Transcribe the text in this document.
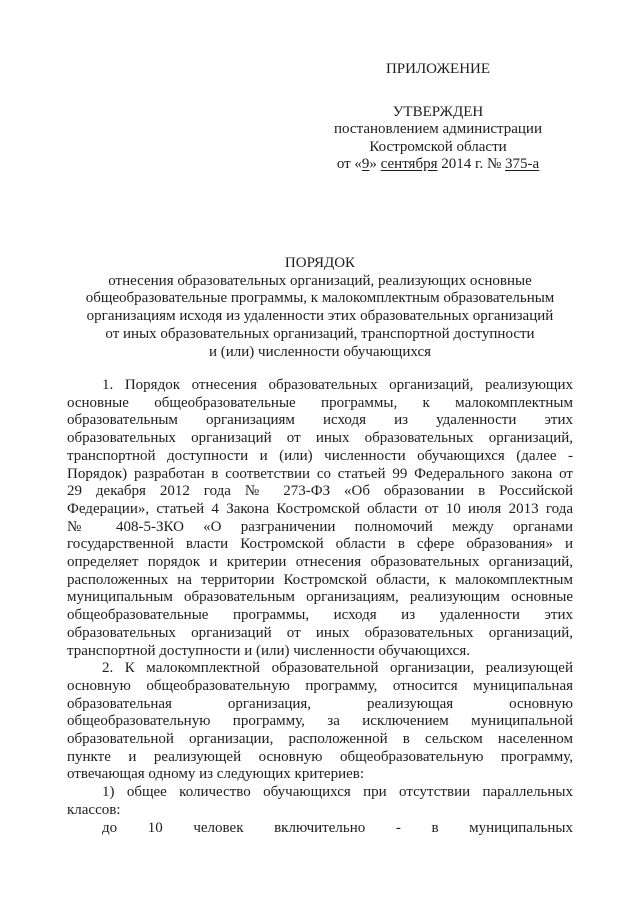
ПРИЛОЖЕНИЕ
УТВЕРЖДЕН
постановлением администрации
Костромской области
от «9» сентября 2014 г. № 375-а
ПОРЯДОК
отнесения образовательных организаций, реализующих основные
общеобразовательные программы, к малокомплектным образовательным
организациям исходя из удаленности этих образовательных организаций
от иных образовательных организаций, транспортной доступности
и (или) численности обучающихся
1. Порядок отнесения образовательных организаций, реализующих
основные общеобразовательные программы, к малокомплектным
образовательным организациям исходя из удаленности этих
образовательных организаций от иных образовательных организаций,
транспортной доступности и (или) численности обучающихся (далее -
Порядок) разработан в соответствии со статьей 99 Федерального закона от
29 декабря 2012 года № 273-ФЗ «Об образовании в Российской
Федерации», статьей 4 Закона Костромской области от 10 июля 2013 года
№ 408-5-ЗКО «О разграничении полномочий между органами
государственной власти Костромской области в сфере образования» и
определяет порядок и критерии отнесения образовательных организаций,
расположенных на территории Костромской области, к малокомплектным
муниципальным образовательным организациям, реализующим основные
общеобразовательные программы, исходя из удаленности этих
образовательных организаций от иных образовательных организаций,
транспортной доступности и (или) численности обучающихся.
2. К малокомплектной образовательной организации, реализующей
основную общеобразовательную программу, относится муниципальная
образовательная организация, реализующая основную
общеобразовательную программу, за исключением муниципальной
образовательной организации, расположенной в сельском населенном
пункте и реализующей основную общеобразовательную программу,
отвечающая одному из следующих критериев:
1) общее количество обучающихся при отсутствии параллельных
классов:
до 10 человек включительно - в муниципальных
